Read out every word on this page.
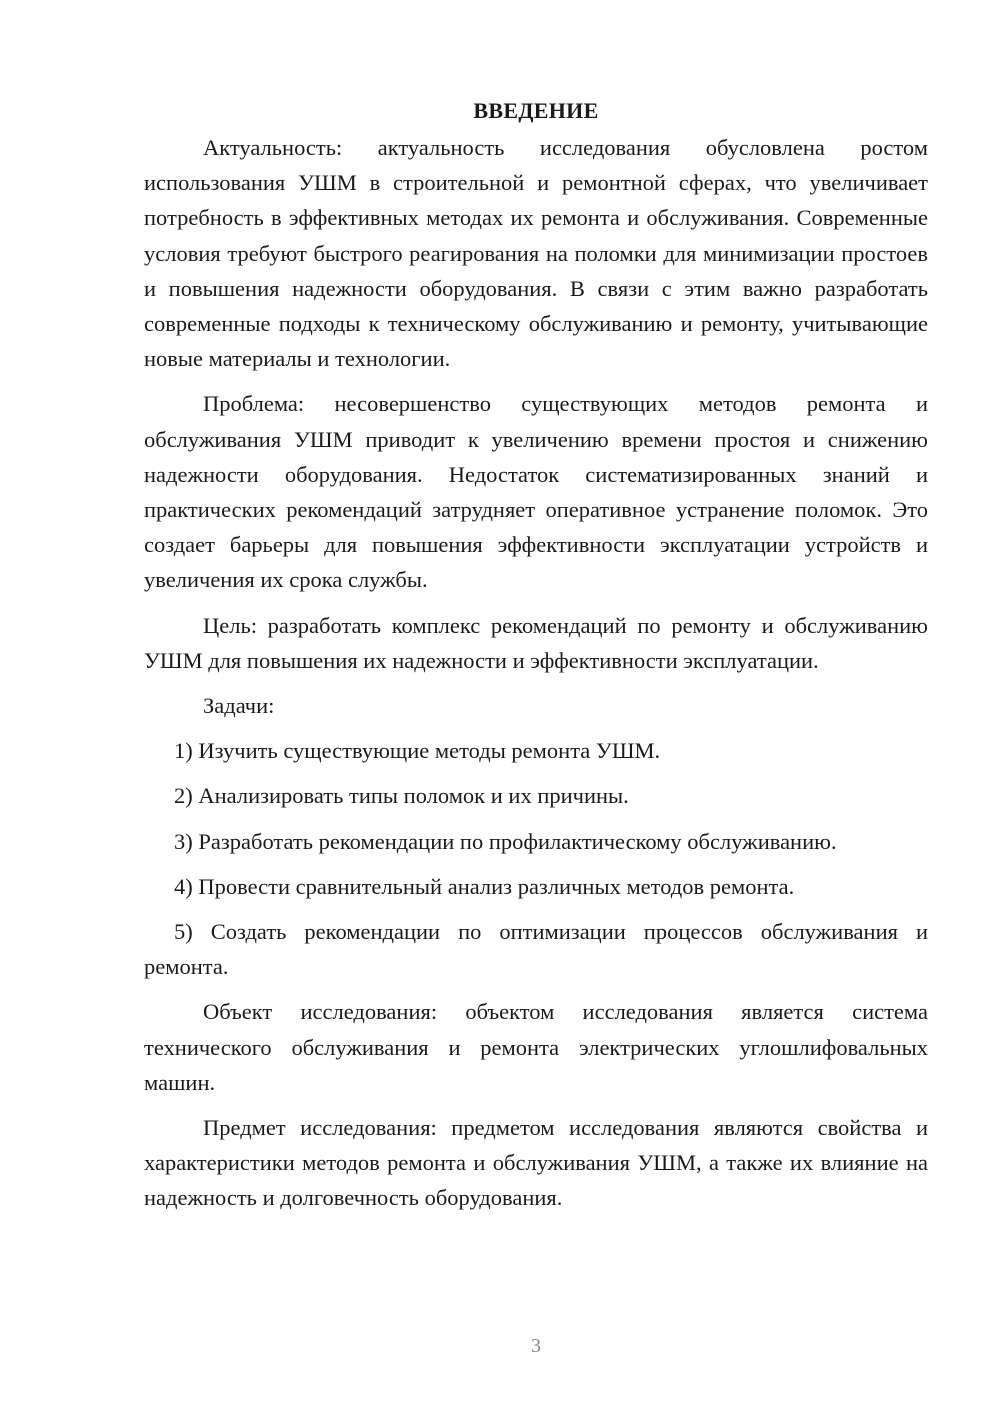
ВВЕДЕНИЕ

Актуальность: актуальность исследования обусловлена ростом использования УШМ в строительной и ремонтной сферах, что увеличивает потребность в эффективных методах их ремонта и обслуживания. Современные условия требуют быстрого реагирования на поломки для минимизации простоев и повышения надежности оборудования. В связи с этим важно разработать современные подходы к техническому обслуживанию и ремонту, учитывающие новые материалы и технологии.

Проблема: несовершенство существующих методов ремонта и обслуживания УШМ приводит к увеличению времени простоя и снижению надежности оборудования. Недостаток систематизированных знаний и практических рекомендаций затрудняет оперативное устранение поломок. Это создает барьеры для повышения эффективности эксплуатации устройств и увеличения их срока службы.

Цель: разработать комплекс рекомендаций по ремонту и обслуживанию УШМ для повышения их надежности и эффективности эксплуатации.

Задачи:

1) Изучить существующие методы ремонта УШМ.

2) Анализировать типы поломок и их причины.

3) Разработать рекомендации по профилактическому обслуживанию.

4) Провести сравнительный анализ различных методов ремонта.

5) Создать рекомендации по оптимизации процессов обслуживания и ремонта.

Объект исследования: объектом исследования является система технического обслуживания и ремонта электрических углошлифовальных машин.

Предмет исследования: предметом исследования являются свойства и характеристики методов ремонта и обслуживания УШМ, а также их влияние на надежность и долговечность оборудования.

3
